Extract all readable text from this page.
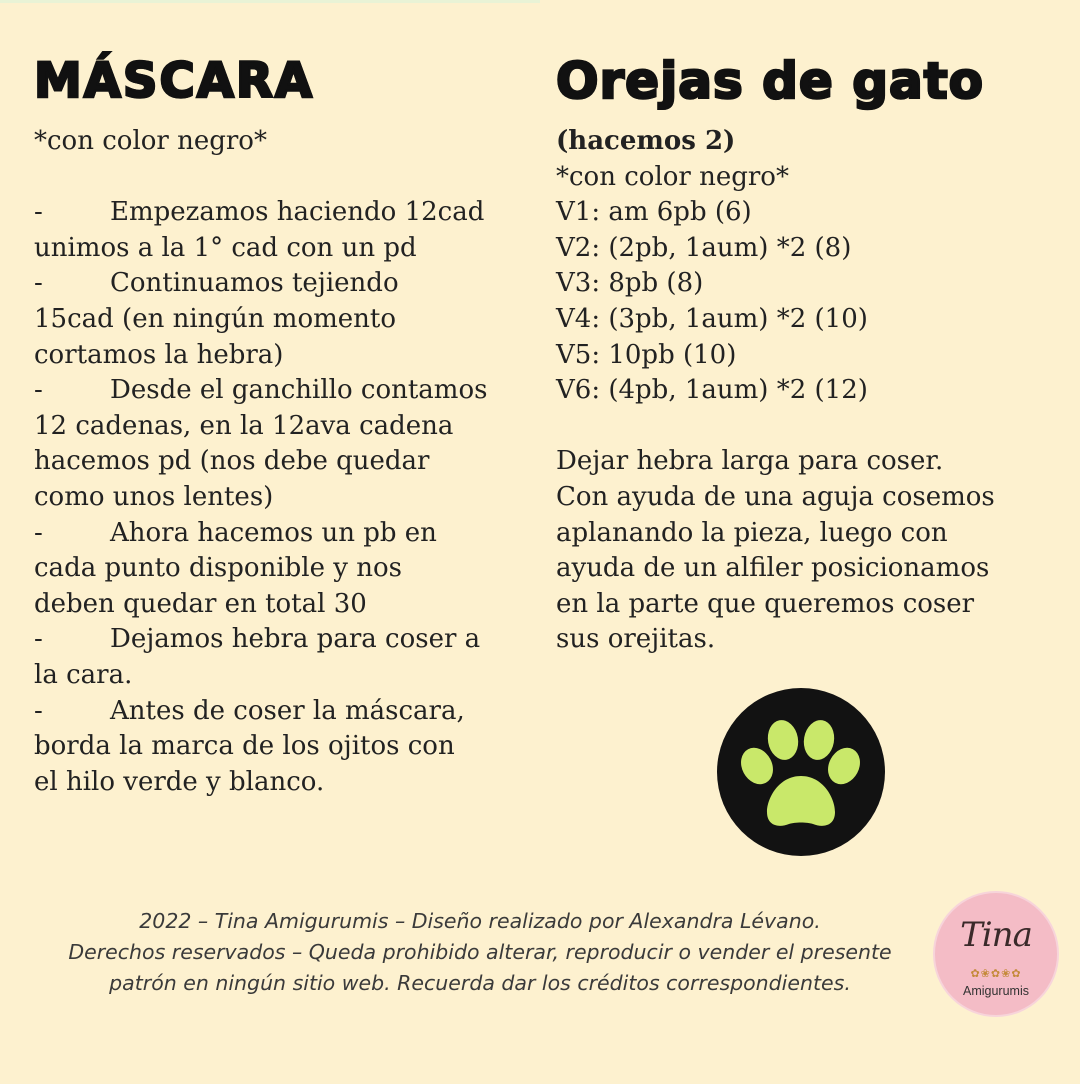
MÁSCARA
*con color negro*
-	Empezamos haciendo 12cad
unimos a la 1° cad con un pd
-	Continuamos tejiendo
15cad (en ningún momento
cortamos la hebra)
-	Desde el ganchillo contamos
12 cadenas, en la 12ava cadena
hacemos pd (nos debe quedar
como unos lentes)
-	Ahora hacemos un pb en
cada punto disponible y nos
deben quedar en total 30
-	Dejamos hebra para coser a
la cara.
-	Antes de coser la máscara,
borda la marca de los ojitos con
el hilo verde y blanco.
Orejas de gato
(hacemos 2)
*con color negro*
V1: am 6pb (6)
V2: (2pb, 1aum) *2 (8)
V3: 8pb (8)
V4: (3pb, 1aum) *2 (10)
V5: 10pb (10)
V6: (4pb, 1aum) *2 (12)
Dejar hebra larga para coser.
Con ayuda de una aguja cosemos
aplanando la pieza, luego con
ayuda de un alfiler posicionamos
en la parte que queremos coser
sus orejitas.
2022 – Tina Amigurumis – Diseño realizado por Alexandra Lévano.
Derechos reservados – Queda prohibido alterar, reproducir o vender el presente
patrón en ningún sitio web. Recuerda dar los créditos correspondientes.
Tina
✿❀✿❀✿
Amigurumis
